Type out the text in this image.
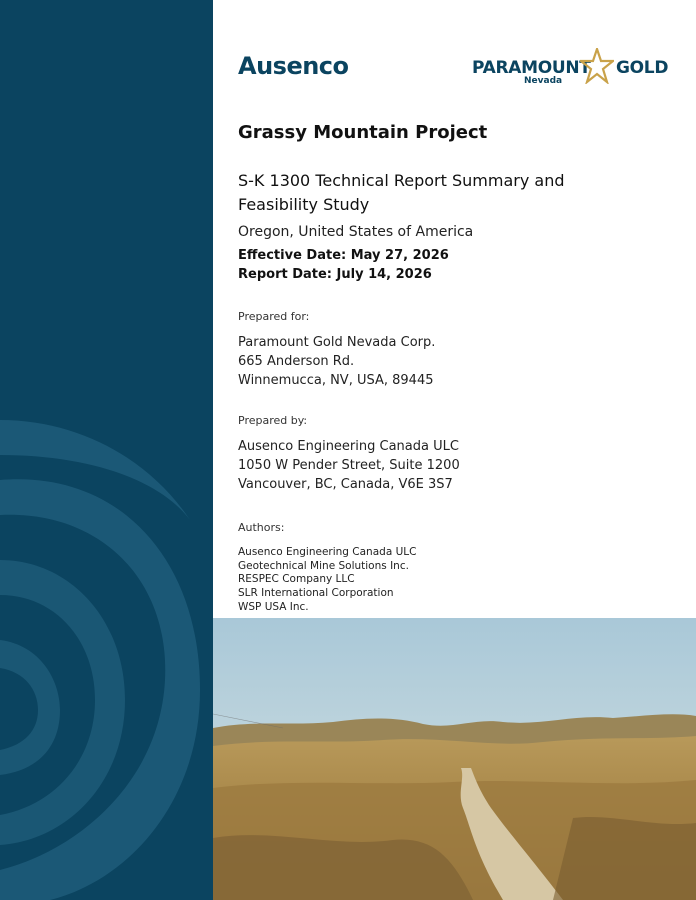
Ausenco	PARAMOUNT GOLD
Nevada
Grassy Mountain Project
S-K 1300 Technical Report Summary and
Feasibility Study
Oregon, United States of America
Effective Date: May 27, 2026
Report Date: July 14, 2026
Prepared for:
Paramount Gold Nevada Corp.
665 Anderson Rd.
Winnemucca, NV, USA, 89445
Prepared by:
Ausenco Engineering Canada ULC
1050 W Pender Street, Suite 1200
Vancouver, BC, Canada, V6E 3S7
Authors:
Ausenco Engineering Canada ULC
Geotechnical Mine Solutions Inc.
RESPEC Company LLC
SLR International Corporation
WSP USA Inc.
